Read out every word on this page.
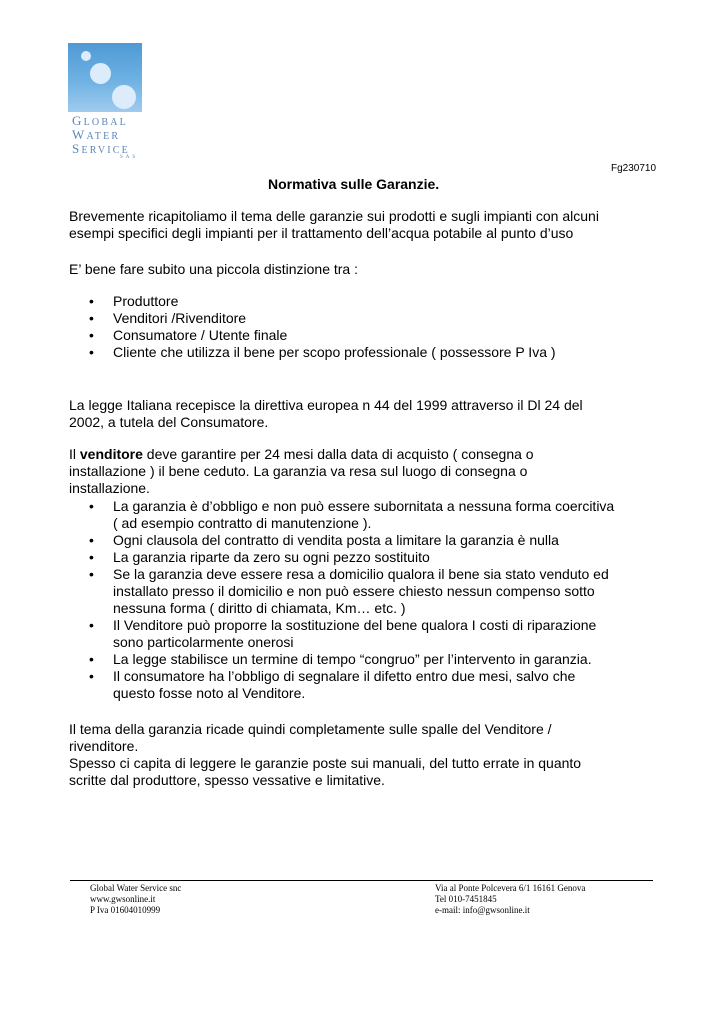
GLOBAL
WATER
SERVICE
S A S
Fg230710
Normativa sulle Garanzie.
Brevemente ricapitoliamo il tema delle garanzie sui prodotti e sugli impianti con alcuni
esempi specifici degli impianti per il trattamento dell’acqua potabile al punto d’uso
E’ bene fare subito una piccola distinzione tra :
• Produttore
• Venditori /Rivenditore
• Consumatore / Utente finale
• Cliente che utilizza il bene per scopo professionale ( possessore P Iva )
La legge Italiana recepisce la direttiva europea n 44 del 1999 attraverso il Dl 24 del
2002, a tutela del Consumatore.
Il venditore deve garantire per 24 mesi dalla data di acquisto ( consegna o
installazione ) il bene ceduto. La garanzia va resa sul luogo di consegna o
installazione.
• La garanzia è d’obbligo e non può essere subornitata a nessuna forma coercitiva
( ad esempio contratto di manutenzione ).
• Ogni clausola del contratto di vendita posta a limitare la garanzia è nulla
• La garanzia riparte da zero su ogni pezzo sostituito
• Se la garanzia deve essere resa a domicilio qualora il bene sia stato venduto ed
installato presso il domicilio e non può essere chiesto nessun compenso sotto
nessuna forma ( diritto di chiamata, Km… etc. )
• Il Venditore può proporre la sostituzione del bene qualora I costi di riparazione
sono particolarmente onerosi
• La legge stabilisce un termine di tempo “congruo” per l’intervento in garanzia.
• Il consumatore ha l’obbligo di segnalare il difetto entro due mesi, salvo che
questo fosse noto al Venditore.
Il tema della garanzia ricade quindi completamente sulle spalle del Venditore /
rivenditore.
Spesso ci capita di leggere le garanzie poste sui manuali, del tutto errate in quanto
scritte dal produttore, spesso vessative e limitative.
Global Water Service snc
www.gwsonline.it
P Iva 01604010999
Via al Ponte Polcevera 6/1 16161 Genova
Tel 010-7451845
e-mail: info@gwsonline.it
